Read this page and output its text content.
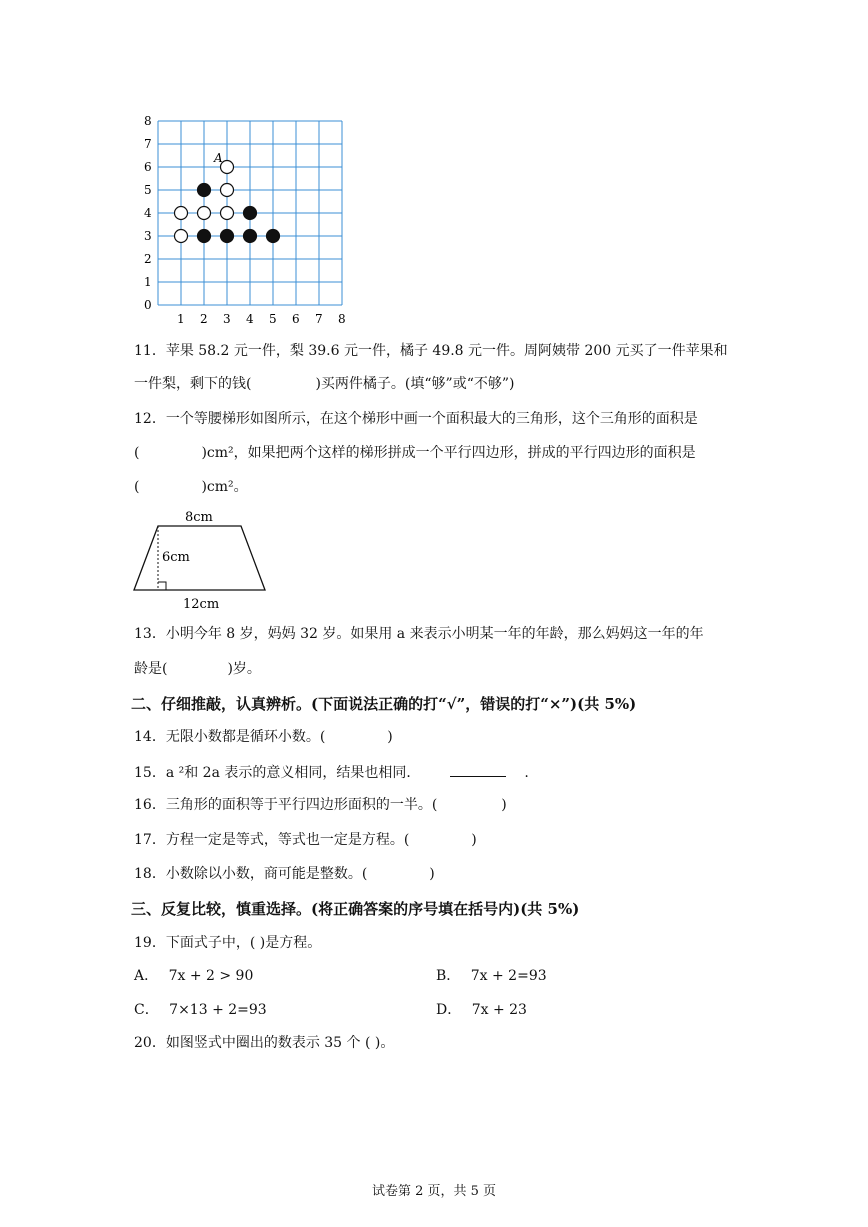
0
1
2
3
4
5
6
7
8
1 2 3 4 5 6 7 8
A
11．苹果 58.2 元一件，梨 39.6 元一件，橘子 49.8 元一件。周阿姨带 200 元买了一件苹果和
一件梨，剩下的钱(	)买两件橘子。(填“够”或“不够”)
12．一个等腰梯形如图所示，在这个梯形中画一个面积最大的三角形，这个三角形的面积是
(	)cm²，如果把两个这样的梯形拼成一个平行四边形，拼成的平行四边形的面积是
(	)cm²。
8cm
6cm
12cm
13．小明今年 8 岁，妈妈 32 岁。如果用 a 来表示小明某一年的年龄，那么妈妈这一年的年
龄是(	)岁。
二、仔细推敲，认真辨析。(下面说法正确的打“√”，错误的打“×”)(共 5%)
14．无限小数都是循环小数。(	)
15．a ²和 2a 表示的意义相同，结果也相同．	.
16．三角形的面积等于平行四边形面积的一半。(	)
17．方程一定是等式，等式也一定是方程。(	)
18．小数除以小数，商可能是整数。(	)
三、反复比较，慎重选择。(将正确答案的序号填在括号内)(共 5%)
19．下面式子中，( )是方程。
A． 7x + 2 > 90	B． 7x + 2=93
C． 7×13 + 2=93	D． 7x + 23
20．如图竖式中圈出的数表示 35 个 ( )。
试卷第 2 页，共 5 页
